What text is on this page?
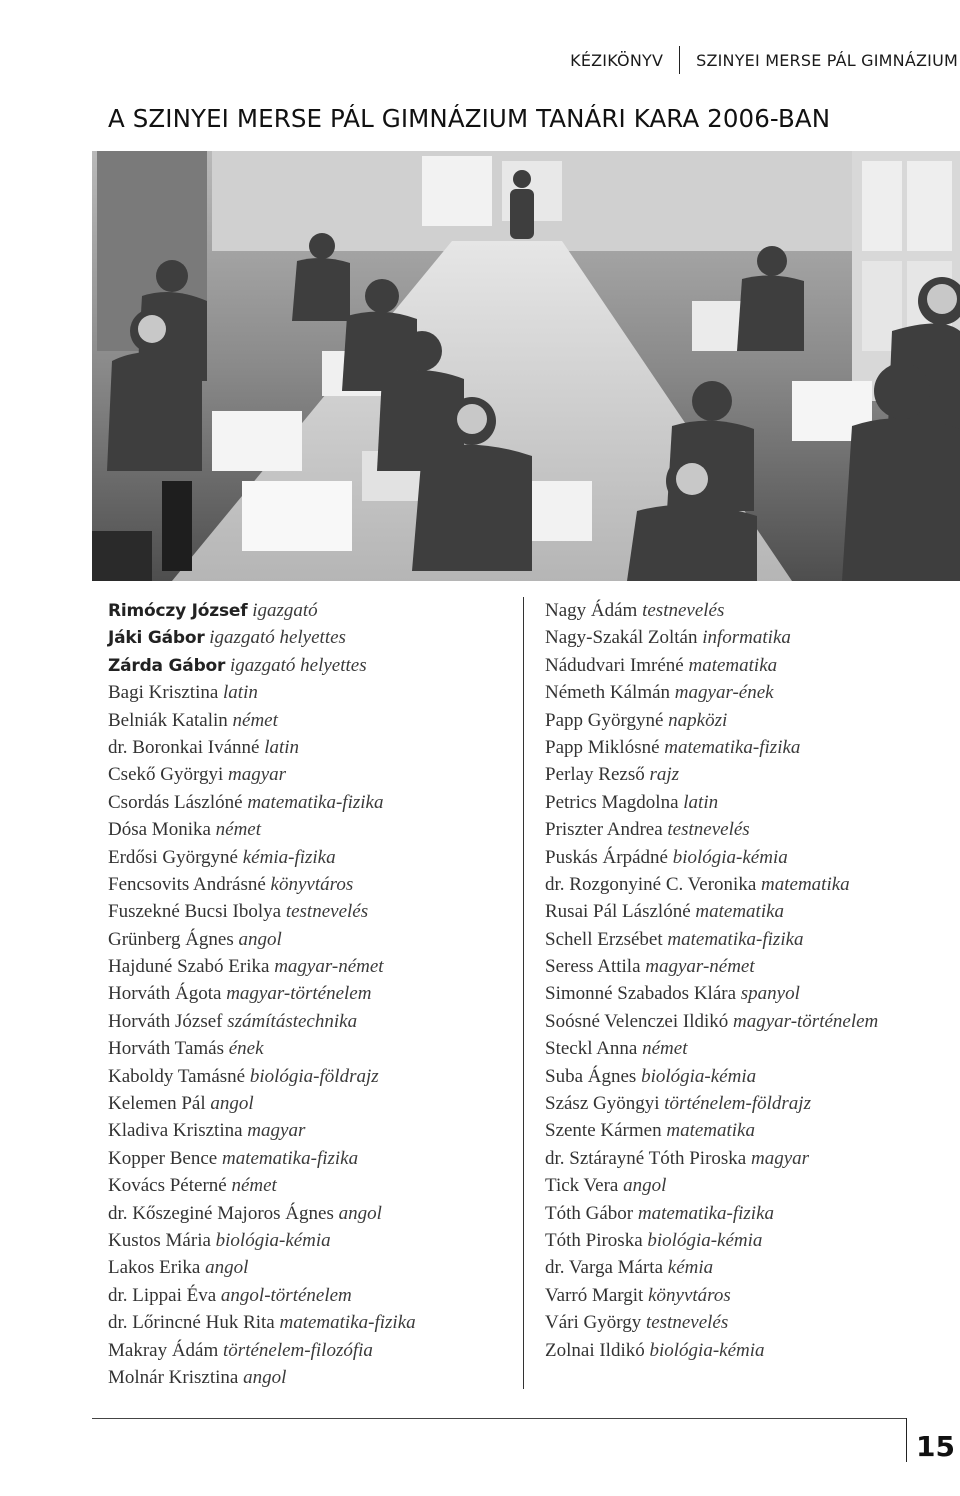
KÉZIKÖNYV	SZINYEI MERSE PÁL GIMNÁZIUM
A SZINYEI MERSE PÁL GIMNÁZIUM TANÁRI KARA 2006-BAN
Rimóczy József igazgató
Jáki Gábor igazgató helyettes
Zárda Gábor igazgató helyettes
Bagi Krisztina latin
Belniák Katalin német
dr. Boronkai Ivánné latin
Csekő Györgyi magyar
Csordás Lászlóné matematika-fizika
Dósa Monika német
Erdősi Györgyné kémia-fizika
Fencsovits Andrásné könyvtáros
Fuszekné Bucsi Ibolya testnevelés
Grünberg Ágnes angol
Hajduné Szabó Erika magyar-német
Horváth Ágota magyar-történelem
Horváth József számítástechnika
Horváth Tamás ének
Kaboldy Tamásné biológia-földrajz
Kelemen Pál angol
Kladiva Krisztina magyar
Kopper Bence matematika-fizika
Kovács Péterné német
dr. Kőszeginé Majoros Ágnes angol
Kustos Mária biológia-kémia
Lakos Erika angol
dr. Lippai Éva angol-történelem
dr. Lőrincné Huk Rita matematika-fizika
Makray Ádám történelem-filozófia
Molnár Krisztina angol
Nagy Ádám testnevelés
Nagy-Szakál Zoltán informatika
Nádudvari Imréné matematika
Németh Kálmán magyar-ének
Papp Györgyné napközi
Papp Miklósné matematika-fizika
Perlay Rezső rajz
Petrics Magdolna latin
Priszter Andrea testnevelés
Puskás Árpádné biológia-kémia
dr. Rozgonyiné C. Veronika matematika
Rusai Pál Lászlóné matematika
Schell Erzsébet matematika-fizika
Seress Attila magyar-német
Simonné Szabados Klára spanyol
Soósné Velenczei Ildikó magyar-történelem
Steckl Anna német
Suba Ágnes biológia-kémia
Szász Gyöngyi történelem-földrajz
Szente Kármen matematika
dr. Sztárayné Tóth Piroska magyar
Tick Vera angol
Tóth Gábor matematika-fizika
Tóth Piroska biológia-kémia
dr. Varga Márta kémia
Varró Margit könyvtáros
Vári György testnevelés
Zolnai Ildikó biológia-kémia
15
